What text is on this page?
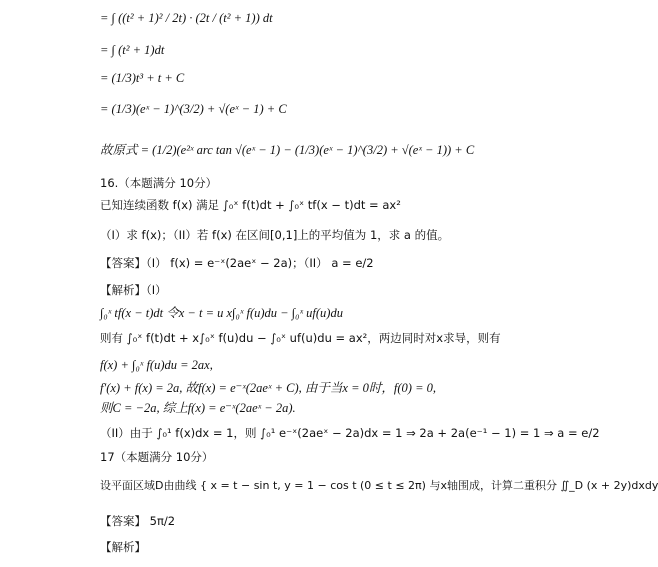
= ∫ ((t² + 1)² / 2t) · (2t / (t² + 1)) dt
= ∫ (t² + 1)dt
= (1/3)t³ + t + C
= (1/3)(eˣ − 1)^(3/2) + √(eˣ − 1) + C
故原式 = (1/2)(e²ˣ arc tan √(eˣ − 1) − (1/3)(eˣ − 1)^(3/2) + √(eˣ − 1)) + C
16.（本题满分 10分）
已知连续函数 f(x) 满足 ∫₀ˣ f(t)dt + ∫₀ˣ tf(x − t)dt = ax²
（I）求 f(x)；（II）若 f(x) 在区间[0,1]上的平均值为 1，求 a 的值。
【答案】（I） f(x) = e⁻ˣ(2aeˣ − 2a)；（II） a = e/2
【解析】（I）
∫₀ˣ tf(x − t)dt 令x − t = u x∫₀ˣ f(u)du − ∫₀ˣ uf(u)du
则有 ∫₀ˣ f(t)dt + x∫₀ˣ f(u)du − ∫₀ˣ uf(u)du = ax²，两边同时对x求导，则有
f(x) + ∫₀ˣ f(u)du = 2ax,
f′(x) + f(x) = 2a, 故f(x) = e⁻ˣ(2aeˣ + C), 由于当x = 0时，f(0) = 0,
则C = −2a, 综上f(x) = e⁻ˣ(2aeˣ − 2a).
（II）由于 ∫₀¹ f(x)dx = 1，则 ∫₀¹ e⁻ˣ(2aeˣ − 2a)dx = 1 ⇒ 2a + 2a(e⁻¹ − 1) = 1 ⇒ a = e/2
17（本题满分 10分）
设平面区域D由曲线 { x = t − sin t, y = 1 − cos t (0 ≤ t ≤ 2π) 与x轴围成，计算二重积分 ∬_D (x + 2y)dxdy
【答案】 5π/2
【解析】
